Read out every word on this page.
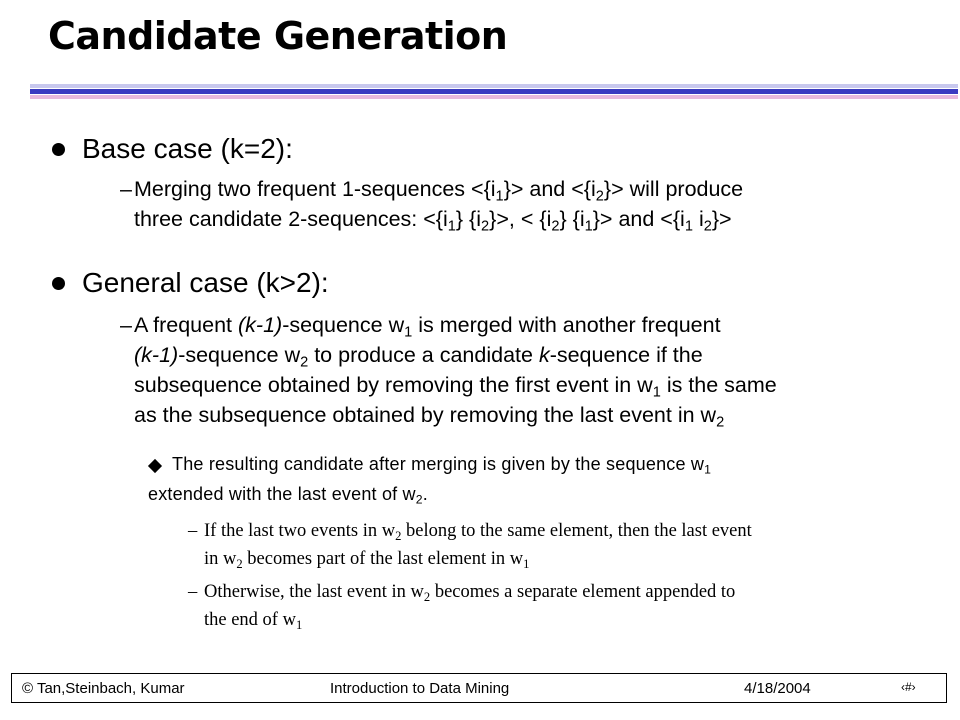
Candidate Generation
Base case (k=2):
– Merging two frequent 1-sequences $<\{i_1\}>$ and $<\{i_2\}>$ will produce
three candidate 2-sequences: $<\{i_1\} \{i_2\}>$, < $\{i_2\}$ $\{i_1\}>$ and $<\{i_1$ $i_2\}>$
General case (k>2):
– A frequent (k-1)-sequence $w_1$ is merged with another frequent
(k-1)-sequence $w_2$ to produce a candidate k-sequence if the
subsequence obtained by removing the first event in $w_1$ is the same
as the subsequence obtained by removing the last event in $w_2$
The resulting candidate after merging is given by the sequence $w_1$
extended with the last event of $w_2$.
– If the last two events in $w_2$ belong to the same element, then the last event
in $w_2$ becomes part of the last element in $w_1$
– Otherwise, the last event in $w_2$ becomes a separate element appended to
the end of $w_1$
© Tan,Steinbach, Kumar	Introduction to Data Mining	4/18/2004	‹#›
